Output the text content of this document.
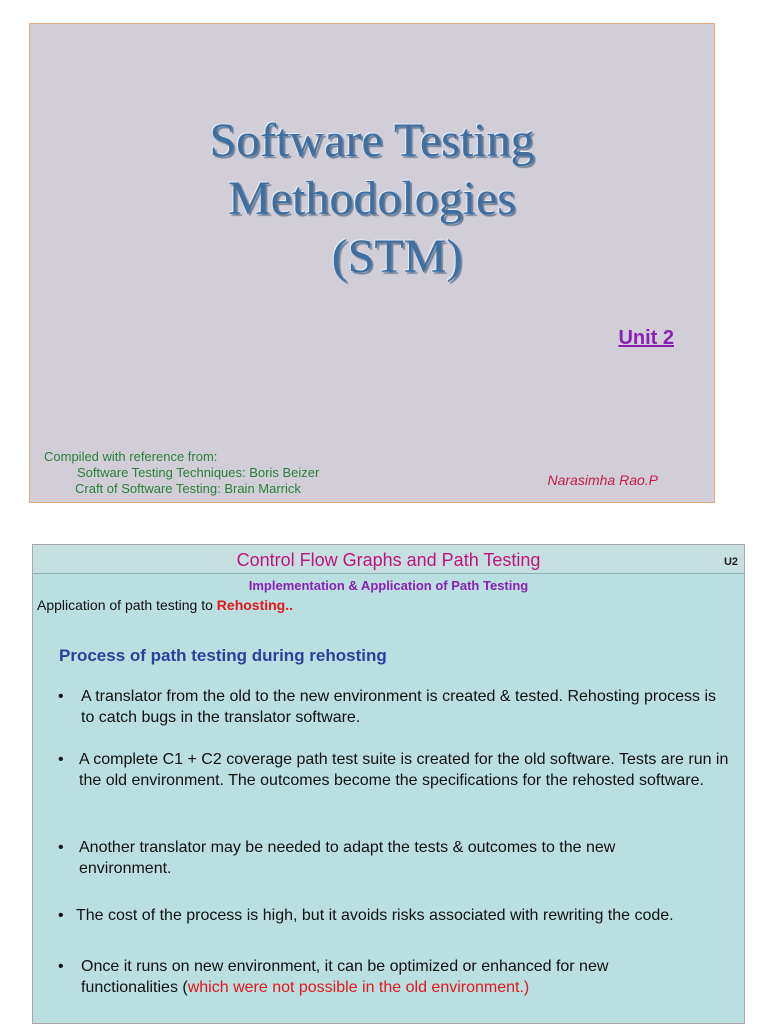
Software Testing
Methodologies
(STM)
Unit 2
Compiled with reference from:
Software Testing Techniques: Boris Beizer
Craft of Software Testing: Brain Marrick
Narasimha Rao.P
Control Flow Graphs and Path Testing	U2
Implementation & Application of Path Testing
Application of path testing to Rehosting..
Process of path testing during rehosting
•	A translator from the old to the new environment is created & tested. Rehosting process is to catch bugs in the translator software.
• A complete C1 + C2 coverage path test suite is created for the old software. Tests are run in the old environment. The outcomes become the specifications for the rehosted software.
• Another translator may be needed to adapt the tests & outcomes to the new environment.
• The cost of the process is high, but it avoids risks associated with rewriting the code.
•	Once it runs on new environment, it can be optimized or enhanced for new functionalities (which were not possible in the old environment.)
